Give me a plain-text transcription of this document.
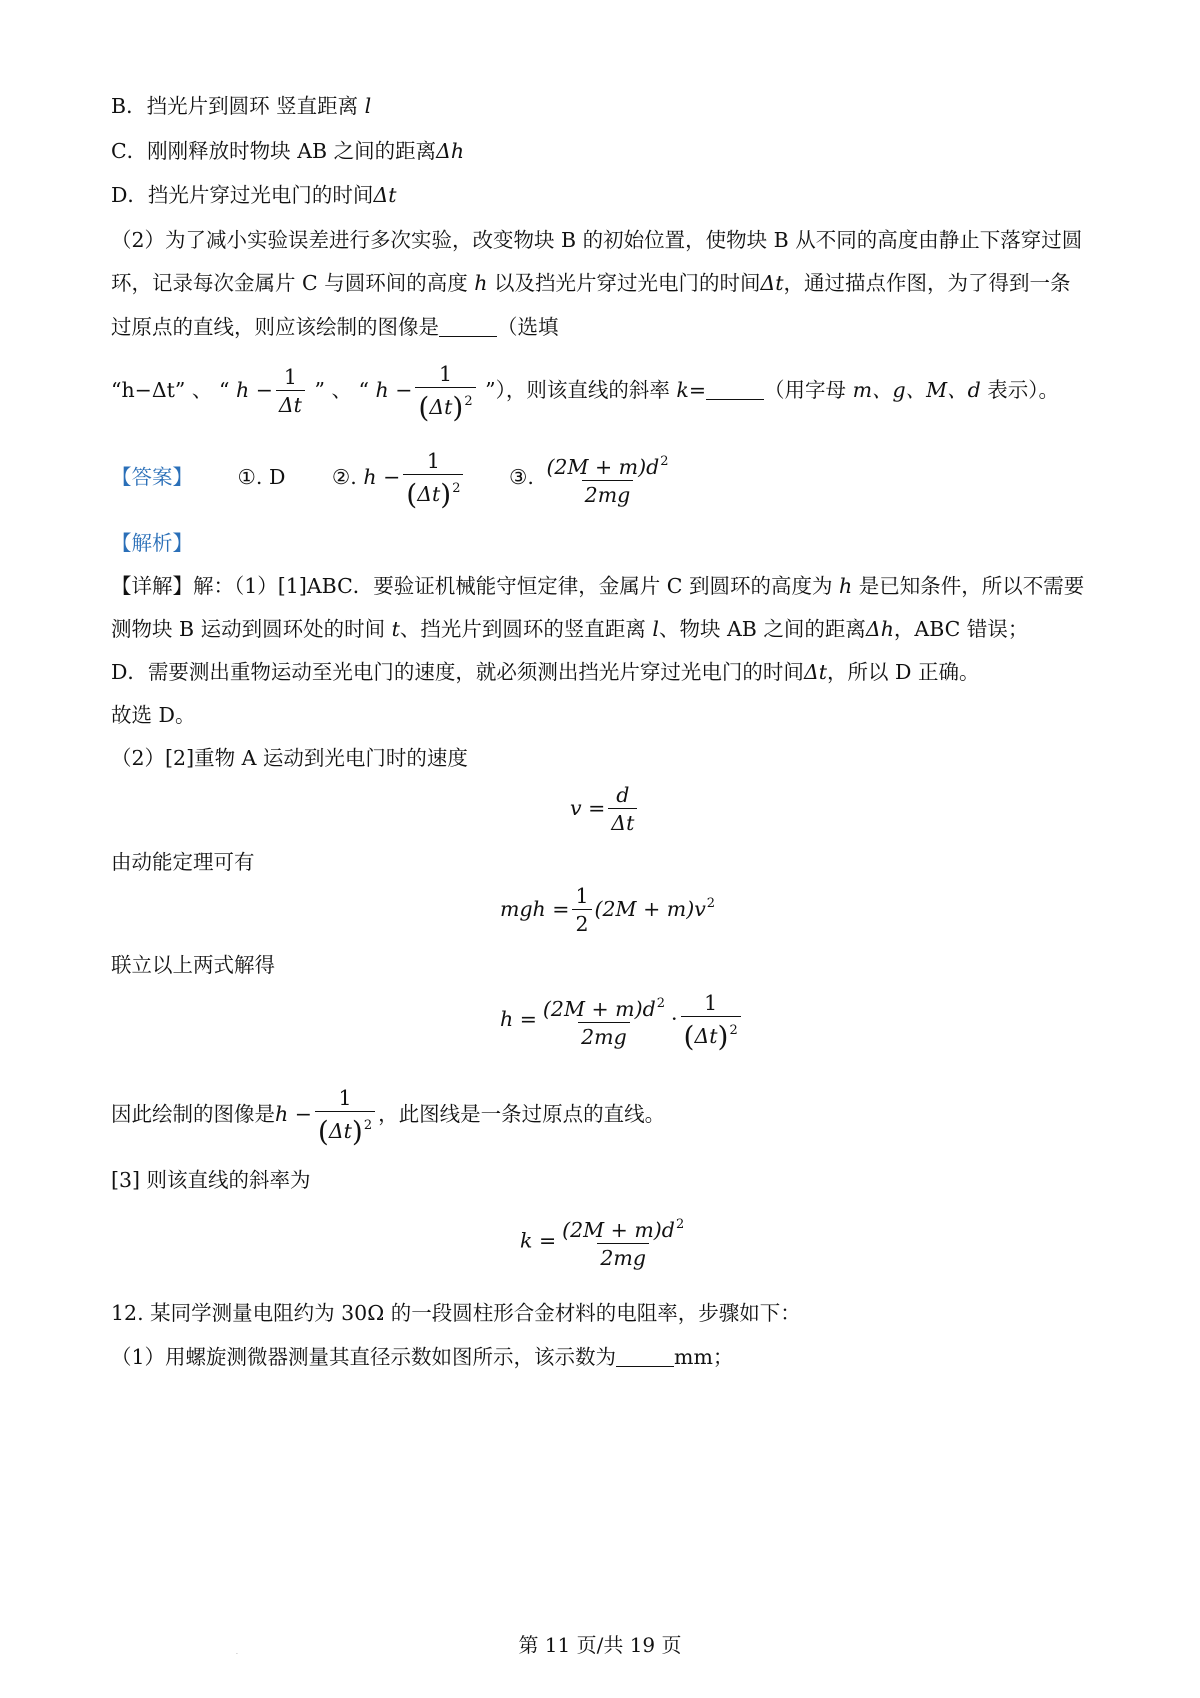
B．挡光片到圆环 竖直距离 l
C．刚刚释放时物块 AB 之间的距离Δh
D．挡光片穿过光电门的时间Δt
（2）为了减小实验误差进行多次实验，改变物块 B 的初始位置，使物块 B 从不同的高度由静止下落穿过圆
环，记录每次金属片 C 与圆环间的高度 h 以及挡光片穿过光电门的时间Δt，通过描点作图，为了得到一条
过原点的直线，则应该绘制的图像是	（选填
“h−Δt” 、 “ $h - \frac{1}{\Delta t}$ ” 、 “ $h - \frac{1}{(\Delta t)^2}$ ”），则该直线的斜率 k=	（用字母 m、g、M、d 表示）。
【答案】 ①. D ②. $h - \frac{1}{(\Delta t)^2}$ ③. $\frac{(2M + m)d^2}{2mg}$
【解析】
【详解】解：（1）[1]ABC．要验证机械能守恒定律，金属片 C 到圆环的高度为 h 是已知条件，所以不需要
测物块 B 运动到圆环处的时间 t、挡光片到圆环的竖直距离 l、物块 AB 之间的距离Δh，ABC 错误；
D．需要测出重物运动至光电门的速度，就必须测出挡光片穿过光电门的时间Δt，所以 D 正确。
故选 D。
（2）[2]重物 A 运动到光电门时的速度
$v = \frac{d}{\Delta t}$
由动能定理可有
mgh = $\frac{1}{2} (2M + m)v^2$
联立以上两式解得
$h = \frac{(2M + m)d^2}{2mg} \cdot \frac{1}{(\Delta t)^2}$
因此绘制的图像是$h - \frac{1}{(\Delta t)^2}$ ，此图线是一条过原点的直线。
[3] 则该直线的斜率为
$k = \frac{(2M + m)d^2}{2mg}$
12. 某同学测量电阻约为 30Ω 的一段圆柱形合金材料的电阻率，步骤如下：
（1）用螺旋测微器测量其直径示数如图所示，该示数为	mm；
·	第 11 页/共 19 页
